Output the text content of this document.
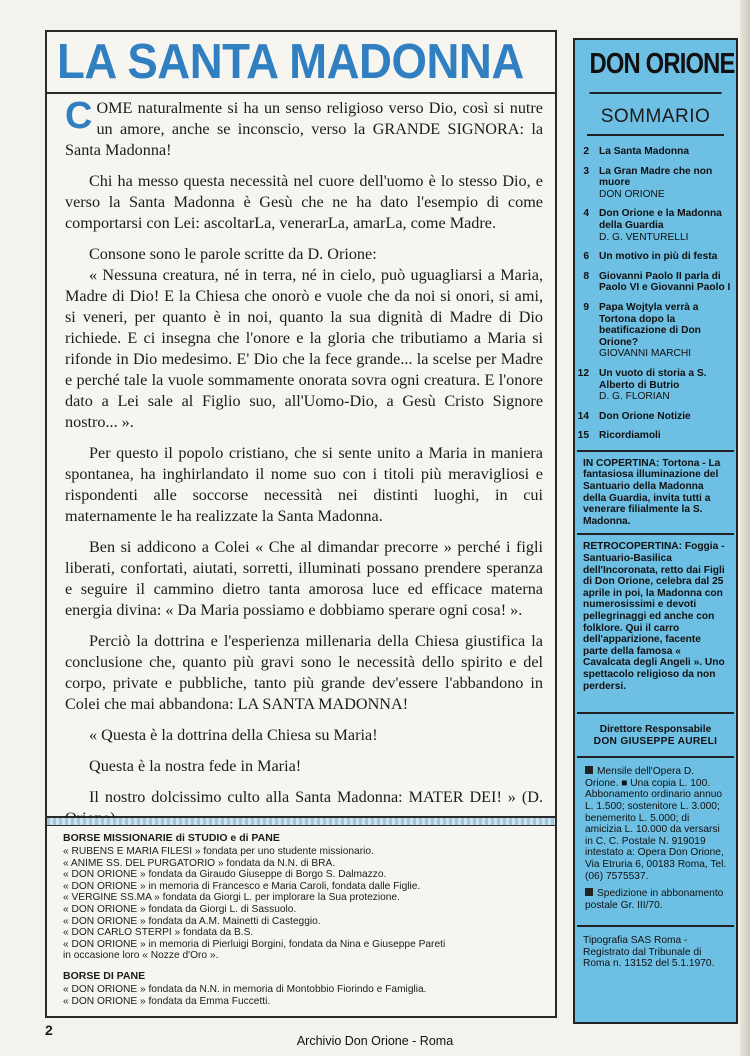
LA SANTA MADONNA

COME naturalmente si ha un senso religioso verso Dio, così si nutre un amore, anche se inconscio, verso la GRANDE SIGNORA: la Santa Madonna!

Chi ha messo questa necessità nel cuore dell'uomo è lo stesso Dio, e verso la Santa Madonna è Gesù che ne ha dato l'esempio di come comportarsi con Lei: ascoltarLa, venerarLa, amarLa, come Madre.

Consone sono le parole scritte da D. Orione:

« Nessuna creatura, né in terra, né in cielo, può uguagliarsi a Maria, Madre di Dio! E la Chiesa che onorò e vuole che da noi si onori, si ami, si veneri, per quanto è in noi, quanto la sua dignità di Madre di Dio richiede. E ci insegna che l'onore e la gloria che tributiamo a Maria si rifonde in Dio medesimo. E' Dio che la fece grande... la scelse per Madre e perché tale la vuole sommamente onorata sovra ogni creatura. E l'onore dato a Lei sale al Figlio suo, all'Uomo-Dio, a Gesù Cristo Signore nostro... ».

Per questo il popolo cristiano, che si sente unito a Maria in maniera spontanea, ha inghirlandato il nome suo con i titoli più meravigliosi e rispondenti alle soccorse necessità nei distinti luoghi, in cui maternamente le ha realizzate la Santa Madonna.

Ben si addicono a Colei « Che al dimandar precorre » perché i figli liberati, confortati, aiutati, sorretti, illuminati possano prendere speranza e seguire il cammino dietro tanta amorosa luce ed efficace materna energia divina: « Da Maria possiamo e dobbiamo sperare ogni cosa! ».

Perciò la dottrina e l'esperienza millenaria della Chiesa giustifica la conclusione che, quanto più gravi sono le necessità dello spirito e del corpo, private e pubbliche, tanto più grande dev'essere l'abbandono in Colei che mai abbandona: LA SANTA MADONNA!

« Questa è la dottrina della Chiesa su Maria!

Questa è la nostra fede in Maria!

Il nostro dolcissimo culto alla Santa Madonna: MATER DEI! » (D.

BORSE MISSIONARIE di STUDIO e di PANE
« RUBENS E MARIA FILESI » fondata per uno studente missionario.
« ANIME SS. DEL PURGATORIO » fondata da N.N. di BRA.
« DON ORIONE » fondata da Giraudo Giuseppe di Borgo S. Dalmazzo.
« DON ORIONE » in memoria di Francesco e Maria Caroli, fondata dalle Figlie.
« VERGINE SS.MA » fondata da Giorgi L. per implorare la Sua protezione.
« DON ORIONE » fondata da Giorgi L. di Sassuolo.
« DON ORIONE » fondata da A.M. Mainetti di Casteggio.
« DON CARLO STERPI » fondata da B.S.
« DON ORIONE » in memoria di Pierluigi Borgini, fondata da Nina e Giuseppe Pareti
in occasione loro « Nozze d'Oro ».
BORSE DI PANE
« DON ORIONE » fondata da N.N. in memoria di Montobbio Fiorindo e Famiglia.
« DON ORIONE » fondata da Emma Fuccetti.
DON ORIONE
SOMMARIO
2 La Santa Madonna
3 La Gran Madre che non muore
DON ORIONE
4 Don Orione e la Madonna della Guardia
D. G. VENTURELLI
6 Un motivo in più di festa
8 Giovanni Paolo II parla di Paolo VI e Giovanni Paolo I
9 Papa Wojtyla verrà a Tortona dopo la beatificazione di Don Orione?
GIOVANNI MARCHI
12 Un vuoto di storia a S. Alberto di Butrio
D. G. FLORIAN
14 Don Orione Notizie
15 Ricordiamoli
IN COPERTINA: Tortona - La fantasiosa illuminazione del Santuario della Madonna della Guardia, invita tutti a venerare filialmente la S. Madonna.
RETROCOPERTINA: Foggia - Santuario-Basilica dell'Incoronata, retto dai Figli di Don Orione, celebra dal 25 aprile in poi, la Madonna con numerosissimi e devoti pellegrinaggi ed anche con folklore. Qui il carro dell'apparizione, facente parte della famosa « Cavalcata degli Angeli ». Uno spettacolo religioso da non perdersi.
Direttore Responsabile
DON GIUSEPPE AURELI

Mensile dell'Opera D. Orione. ■ Una copia L. 100. Abbonamento ordinario annuo L. 1.500; sostenitore L. 3.000; benemerito L. 5.000; di amicizia L. 10.000 da versarsi in C. C. Postale N. 919019 intestato a: Opera Don Orione, Via Etruria 6, 00183 Roma, Tel. (06) 7575537.

Spedizione in abbonamento postale Gr. III/70.

Tipografia SAS Roma - Registrato dal Tribunale di Roma n. 13152 del 5.1.1970.
2
Archivio Don Orione - Roma
